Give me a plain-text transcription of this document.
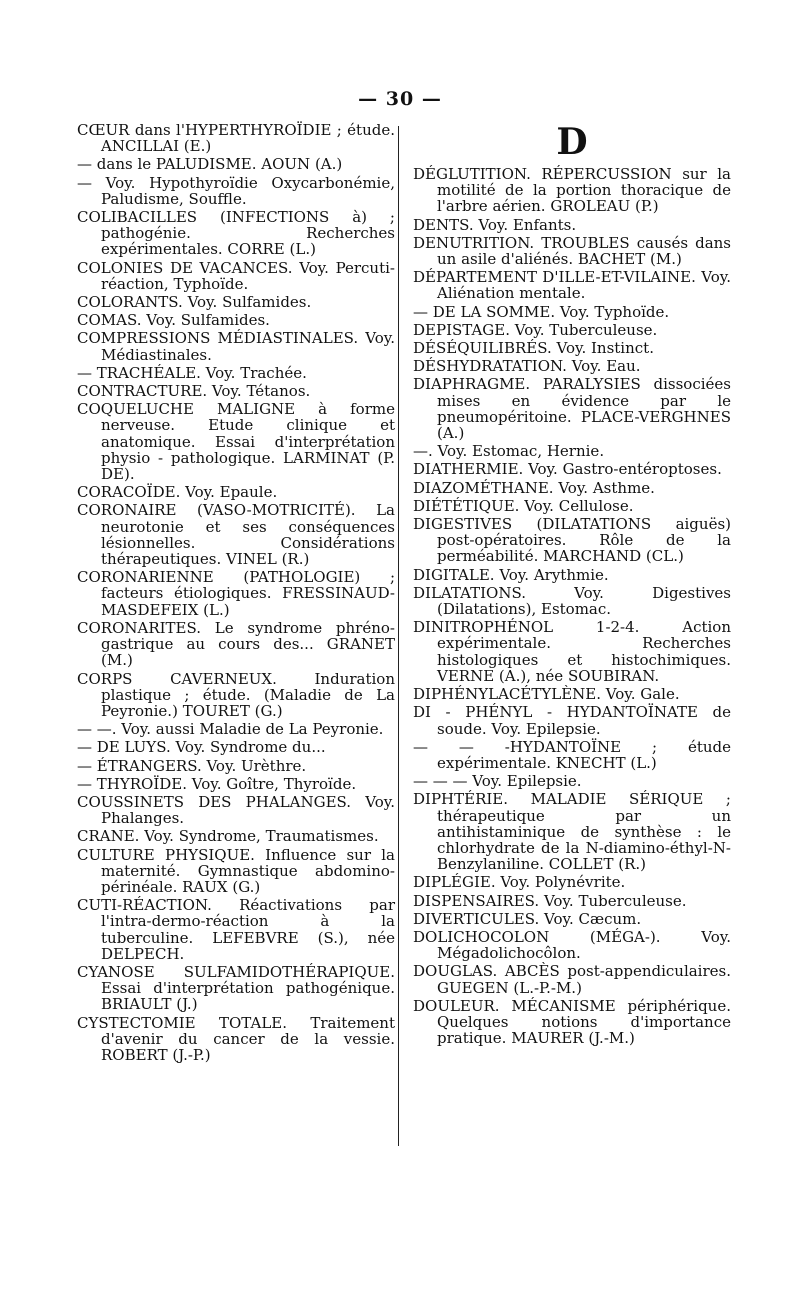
— 30 —

CŒUR dans l'HYPERTHYROÏDIE ; étude. ANCILLAI (E.)

— dans le PALUDISME. AOUN (A.)

— Voy. Hypothyroïdie Oxycarbonémie, Paludisme, Souffle.

COLIBACILLES (INFECTIONS à) ; pathogénie. Recherches expérimentales. CORRE (L.)

COLONIES DE VACANCES. Voy. Percuti-réaction, Typhoïde.

COLORANTS. Voy. Sulfamides.

COMAS. Voy. Sulfamides.

COMPRESSIONS MÉDIASTINALES. Voy. Médiastinales.

— TRACHÉALE. Voy. Trachée.

CONTRACTURE. Voy. Tétanos.

COQUELUCHE MALIGNE à forme nerveuse. Etude clinique et anatomique. Essai d'interprétation physio - pathologique. LARMINAT (P. DE).

CORACOÏDE. Voy. Epaule.

CORONAIRE (VASO-MOTRICITÉ). La neurotonie et ses conséquences lésionnelles. Considérations thérapeutiques. VINEL (R.)

CORONARIENNE (PATHOLOGIE) ; facteurs étiologiques. FRESSINAUD-MASDEFEIX (L.)

CORONARITES. Le syndrome phréno-gastrique au cours des... GRANET (M.)

CORPS CAVERNEUX. Induration plastique ; étude. (Maladie de La Peyronie.) TOURET (G.)

— —. Voy. aussi Maladie de La Peyronie.

— DE LUYS. Voy. Syndrome du...

— ÉTRANGERS. Voy. Urèthre.

— THYROÏDE. Voy. Goître, Thyroïde.

COUSSINETS DES PHALANGES. Voy. Phalanges.

CRANE. Voy. Syndrome, Traumatismes.

CULTURE PHYSIQUE. Influence sur la maternité. Gymnastique abdomino-périnéale. RAUX (G.)

CUTI-RÉACTION. Réactivations par l'intra-dermo-réaction à la tuberculine. LEFEBVRE (S.), née DELPECH.

CYANOSE SULFAMIDOTHÉRAPIQUE. Essai d'interprétation pathogénique. BRIAULT (J.)

CYSTECTOMIE TOTALE. Traitement d'avenir du cancer de la vessie. ROBERT (J.-P.)

D

DÉGLUTITION. RÉPERCUSSION sur la motilité de la portion thoracique de l'arbre aérien. GROLEAU (P.)

DENTS. Voy. Enfants.

DENUTRITION. TROUBLES causés dans un asile d'aliénés. BACHET (M.)

DÉPARTEMENT D'ILLE-ET-VILAINE. Voy. Aliénation mentale.

— DE LA SOMME. Voy. Typhoïde.

DEPISTAGE. Voy. Tuberculeuse.

DÉSÉQUILIBRÉS. Voy. Instinct.

DÉSHYDRATATION. Voy. Eau.

DIAPHRAGME. PARALYSIES dissociées mises en évidence par le pneumopéritoine. PLACE-VERGHNES (A.)

—. Voy. Estomac, Hernie.

DIATHERMIE. Voy. Gastro-entéroptoses.

DIAZOMÉTHANE. Voy. Asthme.

DIÉTÉTIQUE. Voy. Cellulose.

DIGESTIVES (DILATATIONS aiguës) post-opératoires. Rôle de la perméabilité. MARCHAND (CL.)

DIGITALE. Voy. Arythmie.

DILATATIONS. Voy. Digestives (Dilatations), Estomac.

DINITROPHÉNOL 1-2-4. Action expérimentale. Recherches histologiques et histochimiques. VERNE (A.), née SOUBIRAN.

DIPHÉNYLACÉTYLÈNE. Voy. Gale.

DI - PHÉNYL - HYDANTOÏNATE de soude. Voy. Epilepsie.

— — -HYDANTOÏNE ; étude expérimentale. KNECHT (L.)

— — — Voy. Epilepsie.

DIPHTÉRIE. MALADIE SÉRIQUE ; thérapeutique par un antihistaminique de synthèse : le chlorhydrate de la N-diamino-éthyl-N-Benzylaniline. COLLET (R.)

DIPLÉGIE. Voy. Polynévrite.

DISPENSAIRES. Voy. Tuberculeuse.

DIVERTICULES. Voy. Cæcum.

DOLICHOCOLON (MÉGA-). Voy. Mégadolichocôlon.

DOUGLAS. ABCÈS post-appendiculaires. GUEGEN (L.-P.-M.)

DOULEUR. MÉCANISME périphérique. Quelques notions d'importance pratique. MAURER (J.-M.)
